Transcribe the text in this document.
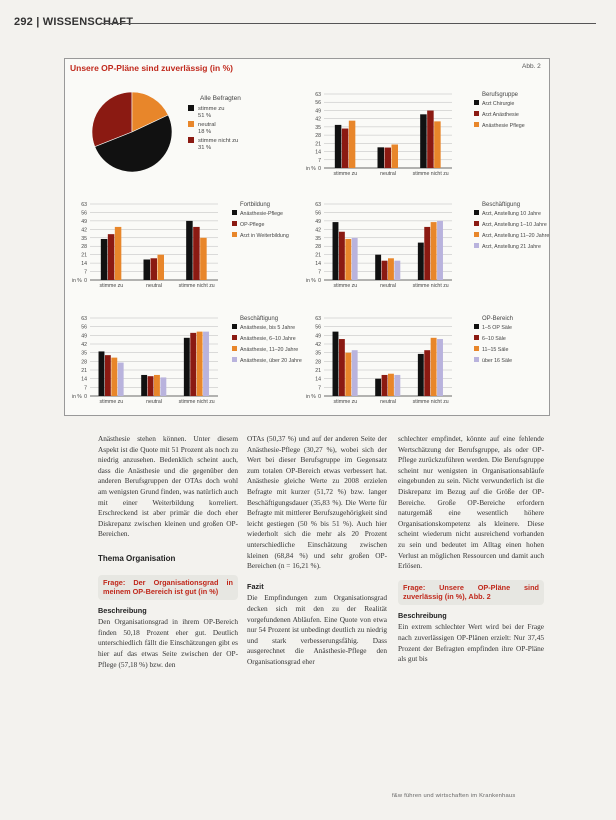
292 | WISSENSCHAFT
Unsere OP-Pläne sind zuverlässig (in %)	Abb. 2
Alle Befragten
stimme zu
51 %
neutral
18 %
stimme nicht zu
31 %
0
7
14
21
28
35
42
49
56
63
in %
stimme zu	neutral	stimme nicht zu
Berufsgruppe
Arzt Chirurgie
Arzt Anästhesie
Anästhesie Pflege
0
7
14
21
28
35
42
49
56
63
in %
stimme zu	neutral	stimme nicht zu
Fortbildung
Anästhesie-Pflege
OP-Pflege
Arzt in Weiterbildung
0
7
14
21
28
35
42
49
56
63
in %
stimme zu	neutral	stimme nicht zu
Beschäftigung
Arzt, Anstellung 10 Jahre
Arzt, Anstellung 1–10 Jahre
Arzt, Anstellung 11–20 Jahre
Arzt, Anstellung 21 Jahre
0
7
14
21
28
35
42
49
56
63
in %
stimme zu	neutral	stimme nicht zu
Beschäftigung
Anästhesie, bis 5 Jahre
Anästhesie, 6–10 Jahre
Anästhesie, 11–20 Jahre
Anästhesie, über 20 Jahre
0
7
14
21
28
35
42
49
56
63
in %
stimme zu	neutral	stimme nicht zu
OP-Bereich
1–5 OP Säle
6–10 Säle
11–15 Säle
über 16 Säle

Anästhesie stehen können. Unter diesem Aspekt ist die Quote mit 51 Prozent als noch zu niedrig anzusehen. Bedenklich scheint auch, dass die Anästhesie und die gegenüber den anderen Berufsgruppen der OTAs doch wohl am wenigsten Grund finden, was natürlich auch mit einer Weiterbildung korreliert. Erschreckend ist aber primär die doch eher Diskrepanz zwischen kleinen und großen OP-Bereichen.

Thema Organisation
Frage: Der Organisationsgrad in meinem OP-Bereich ist gut (in %)
Beschreibung

Den Organisationsgrad in ihrem OP-Bereich finden 50,18 Prozent eher gut. Deutlich unterschiedlich fällt die Einschätzungen gibt es hier auf das etwas Seite zwischen der OP-Pflege (57,18 %) bzw. den

OTAs (50,37 %) und auf der anderen Seite der Anästhesie-Pflege (30,27 %), wobei sich der Wert bei dieser Berufsgruppe im Gegensatz zum totalen OP-Bereich etwas verbessert hat. Anästhesie gleiche Werte zu 2008 erzielen Befragte mit kurzer (51,72 %) bzw. langer Beschäftigungsdauer (35,83 %). Die Werte für Befragte mit mittlerer Berufszugehörigkeit sind leicht gestiegen (50 % bis 51 %). Auch hier wiederholt sich die mehr als 20 Prozent unterschiedliche Einschätzung zwischen kleinen (68,84 %) und sehr großen OP-Bereichen (n = 16,21 %).

Fazit

Die Empfindungen zum Organisationsgrad decken sich mit den zu der Realität vorgefundenen Abläufen. Eine Quote von etwa nur 54 Prozent ist unbedingt deutlich zu niedrig und stark verbesserungsfähig. Dass ausgerechnet die Anästhesie-Pflege den Organisationsgrad eher

schlechter empfindet, könnte auf eine fehlende Wertschätzung der Berufsgruppe, als oder OP-Pflege zurückzuführen werden. Die Berufsgruppe scheint nur wenigsten in Organisationsabläufe eingebunden zu sein. Nicht verwunderlich ist die Diskrepanz im Bezug auf die Größe der OP-Bereiche. Große OP-Bereiche erfordern naturgemäß eine wesentlich höhere Organisationskompetenz als kleinere. Diese scheint wiederum nicht ausreichend vorhanden zu sein und bedeutet im Alltag einen hohen Verlust an möglichen Ressourcen und damit auch Erlösen.

Frage: Unsere OP-Pläne sind zuverlässig (in %), Abb. 2
Beschreibung

Ein extrem schlechter Wert wird bei der Frage nach zuverlässigen OP-Plänen erzielt: Nur 37,45 Prozent der Befragten empfinden ihre OP-Pläne als gut bis

f&w führen und wirtschaften im Krankenhaus
